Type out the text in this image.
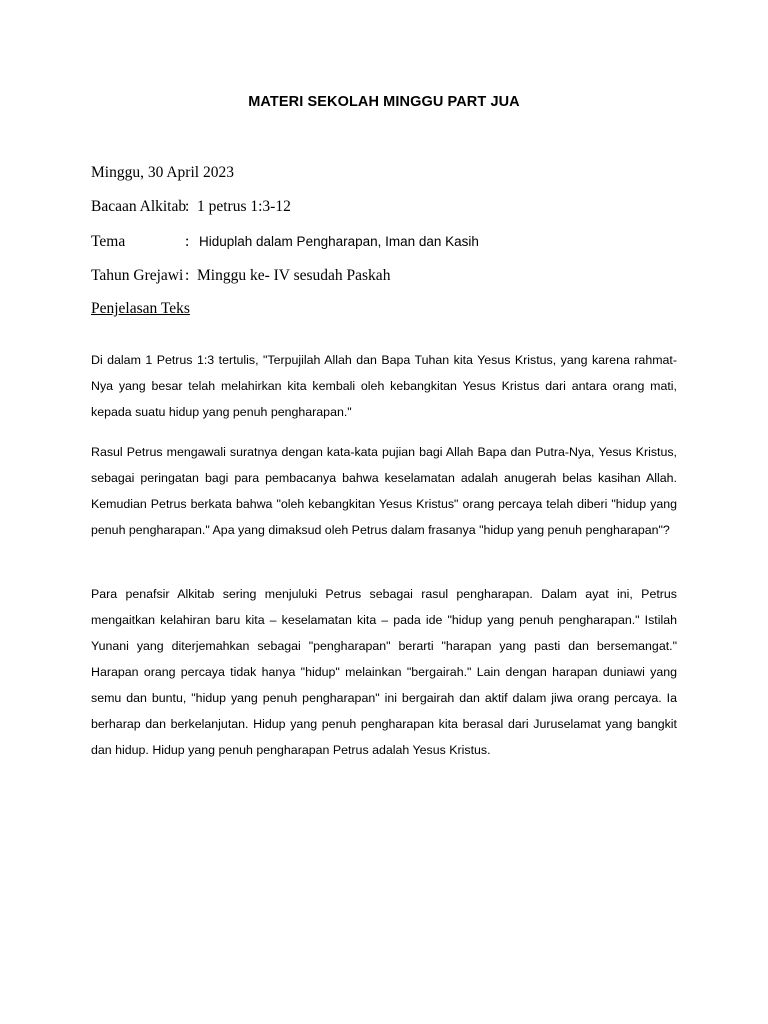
MATERI SEKOLAH MINGGU PART JUA
Minggu, 30 April 2023
Bacaan Alkitab: 1 petrus 1:3-12
Tema	: Hiduplah dalam Pengharapan, Iman dan Kasih
Tahun Grejawi : Minggu ke- IV sesudah Paskah
Penjelasan Teks

Di dalam 1 Petrus 1:3 tertulis, "Terpujilah Allah dan Bapa Tuhan kita Yesus Kristus, yang karena rahmat-Nya yang besar telah melahirkan kita kembali oleh kebangkitan Yesus Kristus dari antara orang mati, kepada suatu hidup yang penuh pengharapan."

Rasul Petrus mengawali suratnya dengan kata-kata pujian bagi Allah Bapa dan Putra-Nya, Yesus Kristus, sebagai peringatan bagi para pembacanya bahwa keselamatan adalah anugerah belas kasihan Allah. Kemudian Petrus berkata bahwa "oleh kebangkitan Yesus Kristus" orang percaya telah diberi "hidup yang penuh pengharapan." Apa yang dimaksud oleh Petrus dalam frasanya "hidup yang penuh pengharapan"?

Para penafsir Alkitab sering menjuluki Petrus sebagai rasul pengharapan. Dalam ayat ini, Petrus mengaitkan kelahiran baru kita – keselamatan kita – pada ide "hidup yang penuh pengharapan." Istilah Yunani yang diterjemahkan sebagai "pengharapan" berarti "harapan yang pasti dan bersemangat." Harapan orang percaya tidak hanya "hidup" melainkan "bergairah." Lain dengan harapan duniawi yang semu dan buntu, "hidup yang penuh pengharapan" ini bergairah dan aktif dalam jiwa orang percaya. Ia berharap dan berkelanjutan. Hidup yang penuh pengharapan kita berasal dari Juruselamat yang bangkit dan hidup. Hidup yang penuh pengharapan Petrus adalah Yesus Kristus.
